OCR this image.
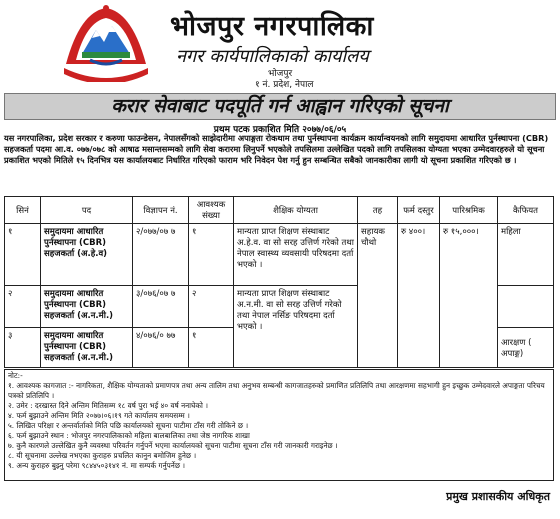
भोजपुर नगरपालिका
नगर कार्यपालिकाको कार्यालय
भोजपुर
१ नं. प्रदेश, नेपाल
करार सेवाबाट पदपूर्ति गर्न आह्वान गरिएको सूचना
प्रथम पटक प्रकाशित मिति २०७७/०६/०५
यस नगरपालिका, प्रदेश सरकार र करुणा फाउन्डेसन, नेपालसँगको साझेदारीमा अपाङ्गता रोकथाम तथा पुर्नस्थापना कार्यक्रम कार्यान्वयनको लागि समुदायमा आधारित पुर्नस्थापना (CBR) सहजकर्ता पदमा आ.व. ०७७/०७८ को आषाढ मसान्तसम्मको लागि सेवा करारमा लिनुपर्ने भएकोले तपसिलमा उल्लेखित पदको लागि तपसिलका योग्यता भएका उम्मेदवारहरुले यो सूचना प्रकाशित भएको मितिले १५ दिनभित्र यस कार्यालयबाट निर्धारित गरिएको फाराम भरि निवेदन पेश गर्नु हुन सम्बन्धित सबैको जानकारीका लागी यो सूचना प्रकाशित गरिएको छ ।
सिनं	पद	विज्ञापन नं.	आवश्यक संख्या	शैक्षिक योग्यता	तह	फर्म दस्तुर	पारिश्रमिक	कैफियत
१	समुदायमा आधारित पुर्नस्थापना (CBR) सहजकर्ता (अ.हे.व)	२/०७७/०७ ७	१	मान्यता प्राप्त शिक्षण संस्थाबाट अ.हे.व. वा सो सरह उत्तिर्ण गरेको तथा नेपाल स्वास्थ्य व्यवसायी परिषदमा दर्ता भएको ।	सहायक चौथो	रु ४००।	रु १५,०००।	महिला
२	समुदायमा आधारित पुर्नस्थापना (CBR) सहजकर्ता (अ.न.मी.)	३/०७६/०७ ७	२	मान्यता प्राप्त शिक्षण संस्थाबाट अ.न.मी. वा सो सरह उत्तिर्ण गरेको तथा नेपाल नर्सिङ परिषदमा दर्ता भएको ।				
३	समुदायमा आधारित पुर्नस्थापना (CBR) सहजकर्ता (अ.न.मी.)	४/०७६/० ७७	१					आरक्षण ( अपाङ्ग)
नोट:-
१. आवश्यक कागजात :- नागरिकता, शैक्षिक योग्यताको प्रमाणपत्र तथा अन्य तालिम तथा अनुभव सम्बन्धी कागजातहरुको प्रमाणित प्रतिलिपि तथा आरक्षणमा सहभागी हुन इच्छुक उम्मेदवारले अपाङ्गता परिचय पत्रको प्रतिलिपि ।
२. उमेर : दरखास्त दिने अन्तिम मितिसम्म १८ वर्ष पुरा भई ४० वर्ष ननाघेको ।
४. फर्म बुझाउने अन्तिम मिति २०७७।०६।१९ गते कार्यालय समयसम्म ।
५. लिखित परिक्षा र अन्तर्वार्ताको मिति पछि कार्यालयको सूचना पाटीमा टाँस गरी तोकिने छ ।
६. फर्म बुझाउने स्थान : भोजपुर नगरपालिकाको महिला बालबालिका तथा जेष्ठ नागरिक शाखा
७. कुनै कारणले उल्लेखित कुनै व्यवस्था परिवर्तन गर्नुपर्ने भएमा कार्यालयको सूचना पाटीमा सूचना टाँस गरी जानकारी गराइनेछ ।
८. यी सूचनामा उल्लेख नभएका कुराहरु प्रचलित कानुन बमोजिम हुनेछ ।
९. अन्य कुराहरु बुझ्नु परेमा ९८४४५०३१४१ नं. मा सम्पर्क गर्नुपर्नेछ ।
प्रमुख प्रशासकीय अधिकृत
